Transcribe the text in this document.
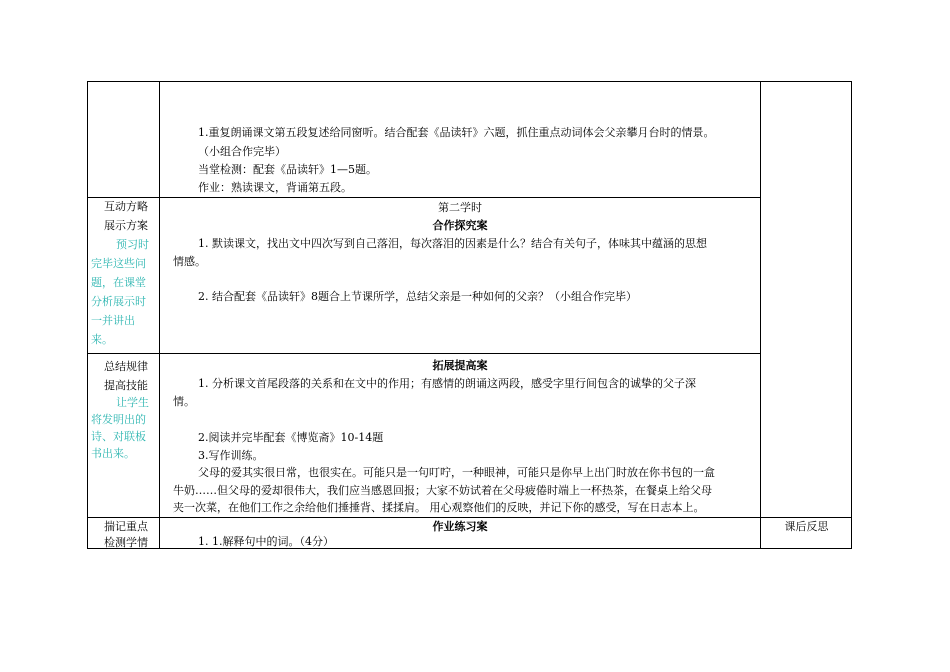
1.重复朗诵课文第五段复述给同窗听。结合配套《品读轩》六题，抓住重点动词体会父亲攀月台时的情景。
（小组合作完毕）
当堂检测：配套《品读轩》1—5题。
作业：熟读课文，背诵第五段。
互动方略
展示方案
预习时
完毕这些问
题，在课堂
分析展示时
一并讲出
来。
第二学时
合作探究案
1. 默读课文，找出文中四次写到自己落泪，每次落泪的因素是什么？结合有关句子，体味其中蕴涵的思想
情感。
2. 结合配套《品读轩》8题合上节课所学，总结父亲是一种如何的父亲？（小组合作完毕）
总结规律
提高技能
让学生
将发明出的
诗、对联板
书出来。
拓展提高案
1. 分析课文首尾段落的关系和在文中的作用；有感情的朗诵这两段，感受字里行间包含的诚挚的父子深
情。
2.阅读并完毕配套《博览斋》10-14题
3.写作训练。
父母的爱其实很日常，也很实在。可能只是一句叮咛，一种眼神，可能只是你早上出门时放在你书包的一盒
牛奶……但父母的爱却很伟大，我们应当感恩回报；大家不妨试着在父母疲倦时端上一杯热茶，在餐桌上给父母
夹一次菜，在他们工作之余给他们捶捶背、揉揉肩。 用心观察他们的反映，并记下你的感受，写在日志本上。
揣记重点
检测学情
作业练习案
1. 1.解释句中的词。（4分）
课后反思
